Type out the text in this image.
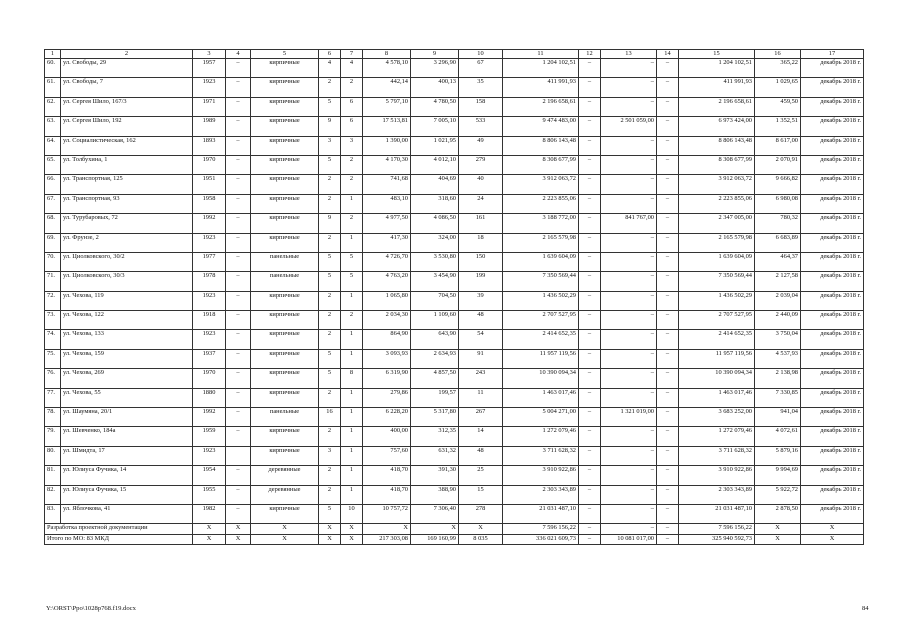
1	2	3	4	5	6	7	8	9	10	11	12	13	14	15	16	17
60.	ул. Свободы, 29	1957	–	кирпичные	4	4	4 578,10	3 296,90	67	1 204 102,51	–	–	–	1 204 102,51	365,22	декабрь 2018 г.
61.	ул. Свободы, 7	1923	–	кирпичные	2	2	442,14	400,13	35	411 991,93	–	–	–	411 991,93	1 029,65	декабрь 2018 г.
62.	ул. Сергея Шило, 167/3	1971	–	кирпичные	5	6	5 797,10	4 780,50	158	2 196 658,61	–	–	–	2 196 658,61	459,50	декабрь 2018 г.
63.	ул. Сергея Шило, 192	1989	–	кирпичные	9	6	17 513,81	7 005,10	533	9 474 483,00	–	2 501 059,00	–	6 973 424,00	1 352,51	декабрь 2018 г.
64.	ул. Социалистическая, 162	1893	–	кирпичные	3	3	1 390,00	1 021,95	49	8 806 143,48	–	–	–	8 806 143,48	8 617,00	декабрь 2018 г.
65.	ул. Толбухина, 1	1970	–	кирпичные	5	2	4 170,30	4 012,10	279	8 308 677,99	–	–	–	8 308 677,99	2 070,91	декабрь 2018 г.
66.	ул. Транспортная, 125	1951	–	кирпичные	2	2	741,68	404,69	40	3 912 063,72	–	–	–	3 912 063,72	9 666,82	декабрь 2018 г.
67.	ул. Транспортная, 93	1958	–	кирпичные	2	1	483,10	318,60	24	2 223 855,06	–	–	–	2 223 855,06	6 980,08	декабрь 2018 г.
68.	ул. Турубаровых, 72	1992	–	кирпичные	9	2	4 977,50	4 086,50	161	3 188 772,00	–	841 767,00	–	2 347 005,00	780,32	декабрь 2018 г.
69.	ул. Фрунзе, 2	1923	–	кирпичные	2	1	417,30	324,00	18	2 165 579,98	–	–	–	2 165 579,98	6 683,89	декабрь 2018 г.
70.	ул. Циолковского, 30/2	1977	–	панельные	5	5	4 726,70	3 530,80	150	1 639 604,09	–	–	–	1 639 604,09	464,37	декабрь 2018 г.
71.	ул. Циолковского, 30/3	1978	–	панельные	5	5	4 763,20	3 454,90	199	7 350 569,44	–	–	–	7 350 569,44	2 127,58	декабрь 2018 г.
72.	ул. Чехова, 119	1923	–	кирпичные	2	1	1 065,80	704,50	39	1 436 502,29	–	–	–	1 436 502,29	2 039,04	декабрь 2018 г.
73.	ул. Чехова, 122	1918	–	кирпичные	2	2	2 034,30	1 109,60	48	2 707 527,95	–	–	–	2 707 527,95	2 440,09	декабрь 2018 г.
74.	ул. Чехова, 133	1923	–	кирпичные	2	1	864,90	643,90	54	2 414 652,35	–	–	–	2 414 652,35	3 750,04	декабрь 2018 г.
75.	ул. Чехова, 159	1937	–	кирпичные	5	1	3 093,93	2 634,93	91	11 957 119,56	–	–	–	11 957 119,56	4 537,93	декабрь 2018 г.
76.	ул. Чехова, 269	1970	–	кирпичные	5	8	6 319,90	4 857,50	243	10 390 094,34	–	–	–	10 390 094,34	2 138,98	декабрь 2018 г.
77.	ул. Чехова, 55	1880	–	кирпичные	2	1	279,86	199,57	11	1 463 017,46	–	–	–	1 463 017,46	7 330,85	декабрь 2018 г.
78.	ул. Шаумяна, 20/1	1992	–	панельные	16	1	6 228,20	5 317,80	267	5 004 271,00	–	1 321 019,00	–	3 683 252,00	941,04	декабрь 2018 г.
79.	ул. Шевченко, 184а	1959	–	кирпичные	2	1	400,00	312,35	14	1 272 079,46	–	–	–	1 272 079,46	4 072,61	декабрь 2018 г.
80.	ул. Шмидта, 17	1923		кирпичные	3	1	757,60	631,32	48	3 711 628,32	–	–	–	3 711 628,32	5 879,16	декабрь 2018 г.
81.	ул. Юлиуса Фучика, 14	1954	–	деревянные	2	1	418,70	391,30	25	3 910 922,86	–	–	–	3 910 922,86	9 994,69	декабрь 2018 г.
82.	ул. Юлиуса Фучика, 15	1955	–	деревянные	2	1	418,70	388,90	15	2 303 343,89	–	–	–	2 303 343,89	5 922,72	декабрь 2018 г.
83.	ул. Яблочкова, 41	1982	–	кирпичные	5	10	10 757,72	7 306,40	278	21 031 487,10	–	–	–	21 031 487,10	2 878,50	декабрь 2018 г.
Разработка проектной документации		X	X	X	X	X	X	X	X	7 596 156,22	–	–	–	7 596 156,22	X	X
Итого по МО: 83 МКД		X	X	X	X	X	217 303,08	169 160,99	8 035	336 021 609,73	–	10 081 017,00	–	325 940 592,73	X	X
Y:\ORST\Ppo\1028p768.f19.docx	84
